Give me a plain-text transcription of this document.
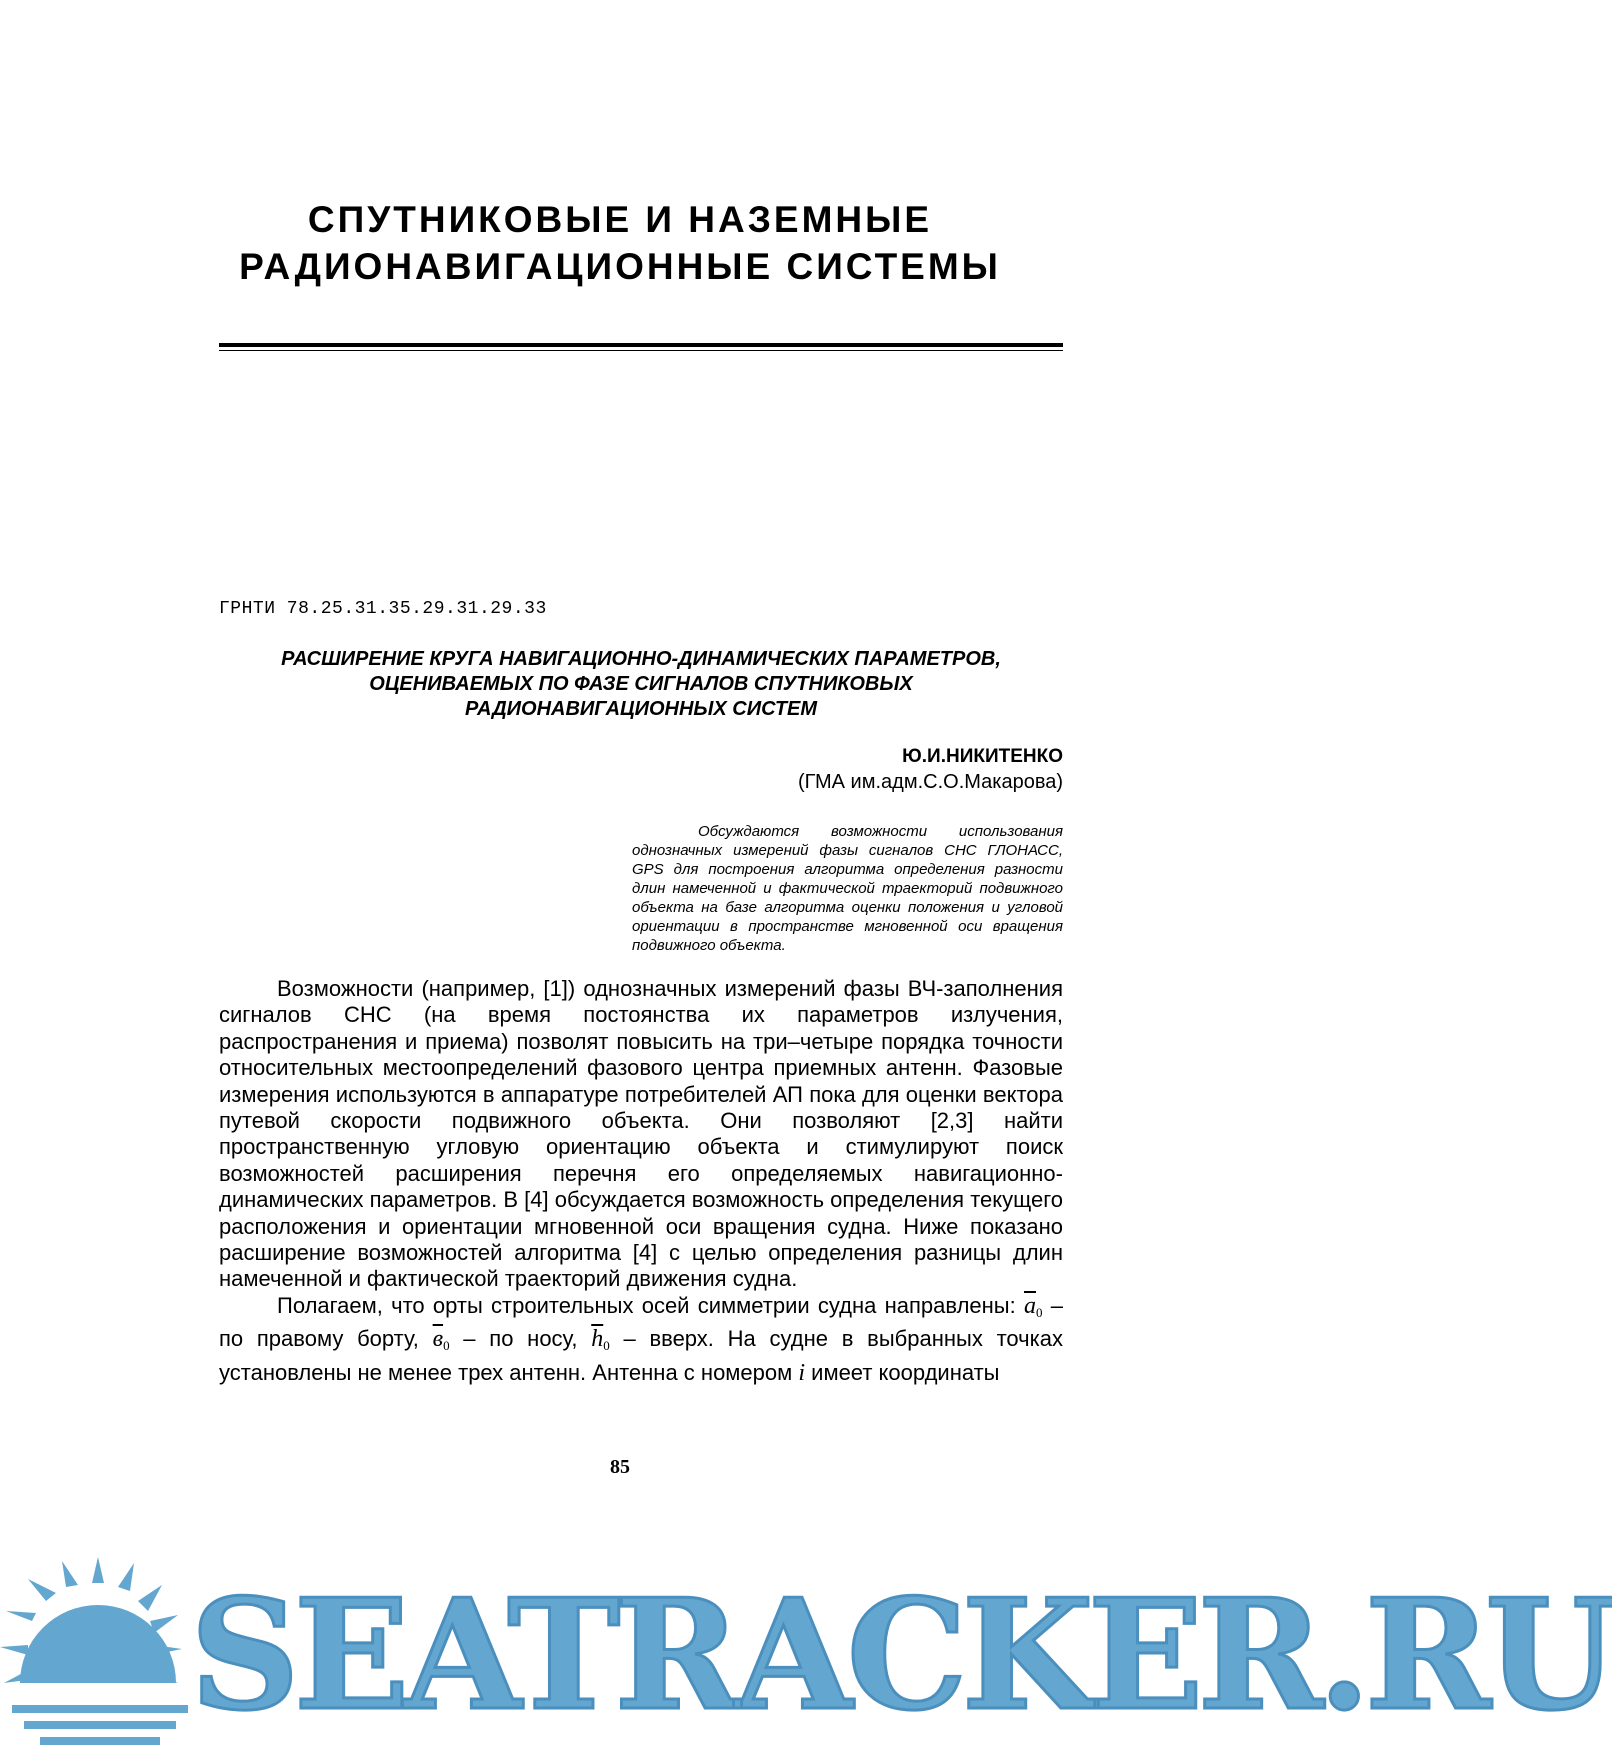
СПУТНИКОВЫЕ И НАЗЕМНЫЕ
РАДИОНАВИГАЦИОННЫЕ СИСТЕМЫ
ГРНТИ 78.25.31.35.29.31.29.33
РАСШИРЕНИЕ КРУГА НАВИГАЦИОННО-ДИНАМИЧЕСКИХ ПАРАМЕТРОВ,
ОЦЕНИВАЕМЫХ ПО ФАЗЕ СИГНАЛОВ СПУТНИКОВЫХ
РАДИОНАВИГАЦИОННЫХ СИСТЕМ
Ю.И.НИКИТЕНКО
(ГМА им.адм.С.О.Макарова)
Обсуждаются возможности использования однозначных измерений фазы сигналов СНС ГЛОНАСС, GPS для построения алгоритма определения разности длин намеченной и фактической траекторий подвижного объекта на базе алгоритма оценки положения и угловой ориентации в пространстве мгновенной оси вращения подвижного объекта.

Возможности (например, [1]) однозначных измерений фазы ВЧ-заполнения сигналов СНС (на время постоянства их параметров излучения, распространения и приема) позволят повысить на три–четыре порядка точности относительных местоопределений фазового центра приемных антенн. Фазовые измерения используются в аппаратуре потребителей АП пока для оценки вектора путевой скорости подвижного объекта. Они позволяют [2,3] найти пространственную угловую ориентацию объекта и стимулируют поиск возможностей расширения перечня его определяемых навигационно-динамических параметров. В [4] обсуждается возможность определения текущего расположения и ориентации мгновенной оси вращения судна. Ниже показано расширение возможностей алгоритма [4] с целью определения разницы длин намеченной и фактической траекторий движения судна.

Полагаем, что орты строительных осей симметрии судна направлены: $\overline{a}_0$ – по правому борту, $в_0$ – по носу, $\overline{h}_0$ – вверх. На судне в выбранных точках установлены не менее трех антенн. Антенна с номером i имеет координаты

85
SEATRACKER.RU
